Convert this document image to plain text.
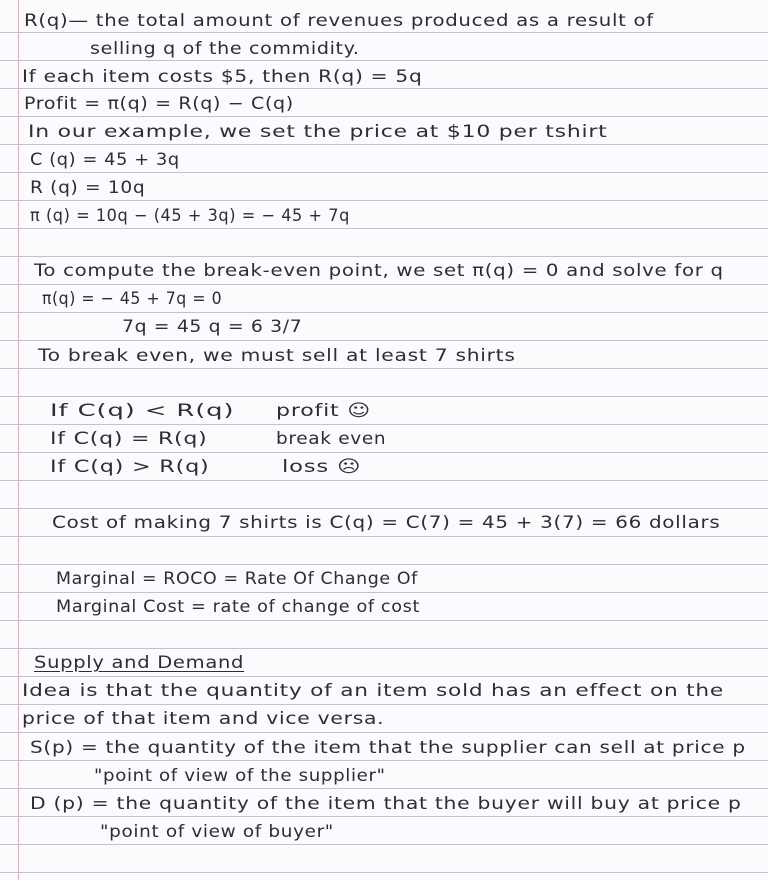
R(q)— the total amount of revenues produced as a result of
selling q of the commidity.
If each item costs $5, then R(q) = 5q
Profit = π(q) = R(q) − C(q)
In our example, we set the price at $10 per tshirt
C (q) = 45 + 3q
R (q) = 10q
π (q) = 10q − (45 + 3q) = − 45 + 7q
To compute the break-even point, we set π(q) = 0 and solve for q
π(q) = − 45 + 7q = 0
7q = 45 q = 6 3/7
To break even, we must sell at least 7 shirts
If C(q) < R(q) profit ☺
If C(q) = R(q)	break even
If C(q) > R(q)	loss ☹
Cost of making 7 shirts is C(q) = C(7) = 45 + 3(7) = 66 dollars
Marginal = ROCO = Rate Of Change Of
Marginal Cost = rate of change of cost
Supply and Demand
Idea is that the quantity of an item sold has an effect on the
price of that item and vice versa.
S(p) = the quantity of the item that the supplier can sell at price p
"point of view of the supplier"
D (p) = the quantity of the item that the buyer will buy at price p
"point of view of buyer"
